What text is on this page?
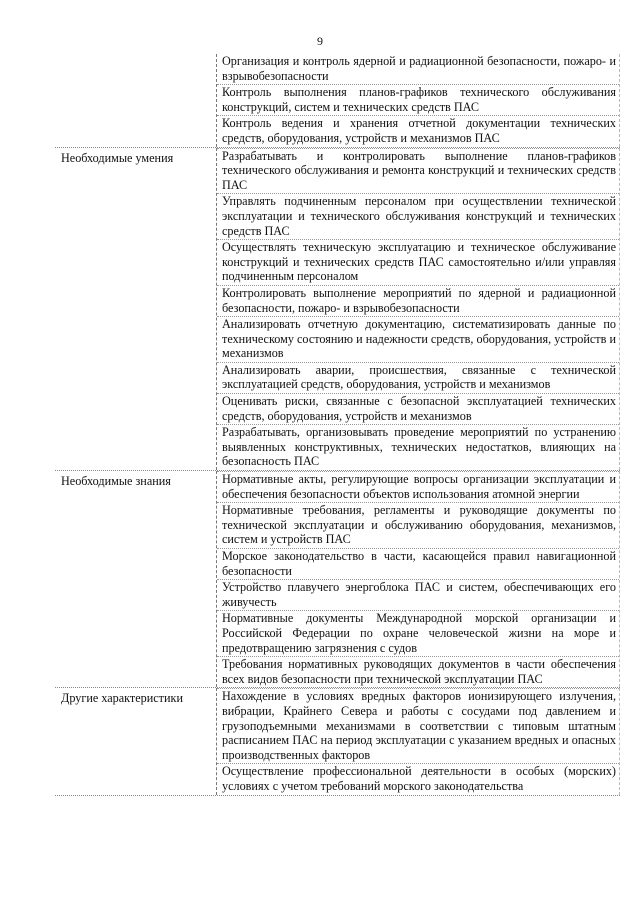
9
Организация и контроль ядерной и радиационной безопасности, пожаро- и взрывобезопасности
Контроль выполнения планов-графиков технического обслуживания конструкций, систем и технических средств ПАС
Контроль ведения и хранения отчетной документации технических средств, оборудования, устройств и механизмов ПАС
Необходимые умения	Разрабатывать и контролировать выполнение планов-графиков технического обслуживания и ремонта конструкций и технических средств ПАС
Управлять подчиненным персоналом при осуществлении технической эксплуатации и технического обслуживания конструкций и технических средств ПАС
Осуществлять техническую эксплуатацию и техническое обслуживание конструкций и технических средств ПАС самостоятельно и/или управляя подчиненным персоналом
Контролировать выполнение мероприятий по ядерной и радиационной безопасности, пожаро- и взрывобезопасности
Анализировать отчетную документацию, систематизировать данные по техническому состоянию и надежности средств, оборудования, устройств и механизмов
Анализировать аварии, происшествия, связанные с технической эксплуатацией средств, оборудования, устройств и механизмов
Оценивать риски, связанные с безопасной эксплуатацией технических средств, оборудования, устройств и механизмов
Разрабатывать, организовывать проведение мероприятий по устранению выявленных конструктивных, технических недостатков, влияющих на безопасность ПАС
Необходимые знания	Нормативные акты, регулирующие вопросы организации эксплуатации и обеспечения безопасности объектов использования атомной энергии
Нормативные требования, регламенты и руководящие документы по технической эксплуатации и обслуживанию оборудования, механизмов, систем и устройств ПАС
Морское законодательство в части, касающейся правил навигационной безопасности
Устройство плавучего энергоблока ПАС и систем, обеспечивающих его живучесть
Нормативные документы Международной морской организации и Российской Федерации по охране человеческой жизни на море и предотвращению загрязнения с судов
Требования нормативных руководящих документов в части обеспечения всех видов безопасности при технической эксплуатации ПАС
Другие характеристики	Нахождение в условиях вредных факторов ионизирующего излучения, вибрации, Крайнего Севера и работы с сосудами под давлением и грузоподъемными механизмами в соответствии с типовым штатным расписанием ПАС на период эксплуатации с указанием вредных и опасных производственных факторов
Осуществление профессиональной деятельности в особых (морских) условиях с учетом требований морского законодательства
